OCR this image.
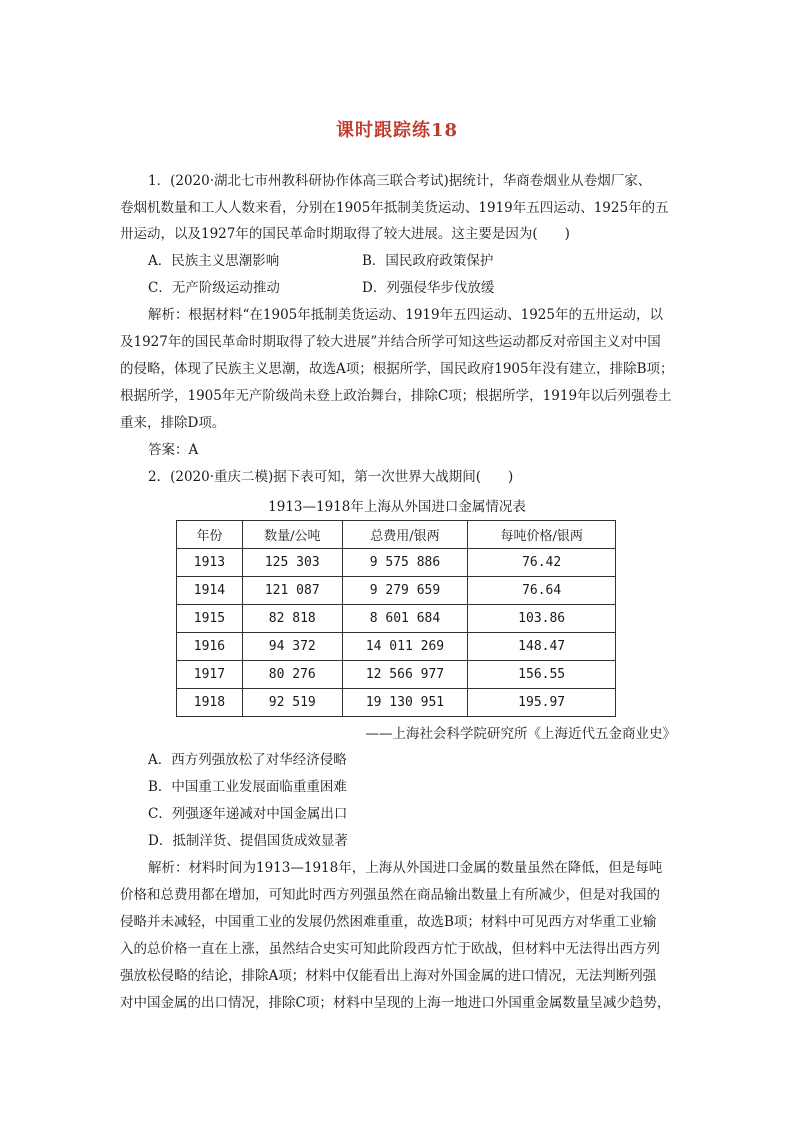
课时跟踪练18
1．(2020·湖北七市州教科研协作体高三联合考试)据统计，华商卷烟业从卷烟厂家、
卷烟机数量和工人人数来看，分别在1905年抵制美货运动、1919年五四运动、1925年的五
卅运动，以及1927年的国民革命时期取得了较大进展。这主要是因为(　　)
A．民族主义思潮影响	B．国民政府政策保护
C．无产阶级运动推动	D．列强侵华步伐放缓
解析：根据材料“在1905年抵制美货运动、1919年五四运动、1925年的五卅运动，以
及1927年的国民革命时期取得了较大进展”并结合所学可知这些运动都反对帝国主义对中国
的侵略，体现了民族主义思潮，故选A项；根据所学，国民政府1905年没有建立，排除B项；
根据所学，1905年无产阶级尚未登上政治舞台，排除C项；根据所学，1919年以后列强卷土
重来，排除D项。
答案：A
2．(2020·重庆二模)据下表可知，第一次世界大战期间(　　)
1913—1918年上海从外国进口金属情况表
年份	数量/公吨	总费用/银两	每吨价格/银两
1913	125 303	9 575 886	76.42
1914	121 087	9 279 659	76.64
1915	82 818	8 601 684	103.86
1916	94 372	14 011 269	148.47
1917	80 276	12 566 977	156.55
1918	92 519	19 130 951	195.97
——上海社会科学院研究所《上海近代五金商业史》
A．西方列强放松了对华经济侵略
B．中国重工业发展面临重重困难
C．列强逐年递减对中国金属出口
D．抵制洋货、提倡国货成效显著
解析：材料时间为1913—1918年，上海从外国进口金属的数量虽然在降低，但是每吨
价格和总费用都在增加，可知此时西方列强虽然在商品输出数量上有所减少，但是对我国的
侵略并未减轻，中国重工业的发展仍然困难重重，故选B项；材料中可见西方对华重工业输
入的总价格一直在上涨，虽然结合史实可知此阶段西方忙于欧战，但材料中无法得出西方列
强放松侵略的结论，排除A项；材料中仅能看出上海对外国金属的进口情况，无法判断列强
对中国金属的出口情况，排除C项；材料中呈现的上海一地进口外国重金属数量呈减少趋势，
